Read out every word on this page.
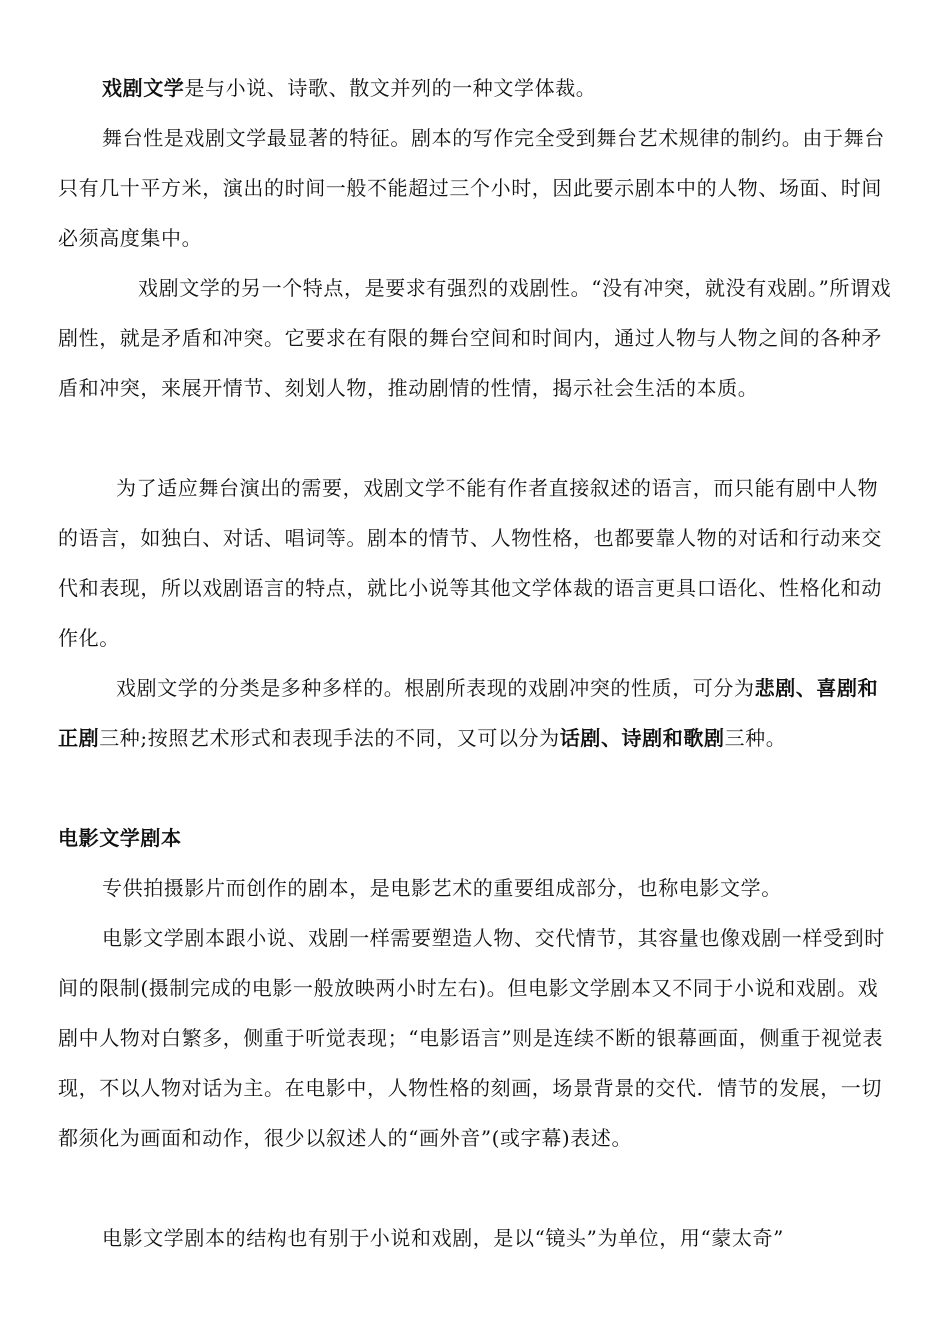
戏剧文学是与小说、诗歌、散文并列的一种文学体裁。

舞台性是戏剧文学最显著的特征。剧本的写作完全受到舞台艺术规律的制约。由于舞台只有几十平方米，演出的时间一般不能超过三个小时，因此要示剧本中的人物、场面、时间必须高度集中。

戏剧文学的另一个特点，是要求有强烈的戏剧性。“没有冲突，就没有戏剧。”所谓戏剧性，就是矛盾和冲突。它要求在有限的舞台空间和时间内，通过人物与人物之间的各种矛盾和冲突，来展开情节、刻划人物，推动剧情的性情，揭示社会生活的本质。

为了适应舞台演出的需要，戏剧文学不能有作者直接叙述的语言，而只能有剧中人物的语言，如独白、对话、唱词等。剧本的情节、人物性格，也都要靠人物的对话和行动来交代和表现，所以戏剧语言的特点，就比小说等其他文学体裁的语言更具口语化、性格化和动作化。

戏剧文学的分类是多种多样的。根剧所表现的戏剧冲突的性质，可分为悲剧、喜剧和正剧三种;按照艺术形式和表现手法的不同，又可以分为话剧、诗剧和歌剧三种。

电影文学剧本

专供拍摄影片而创作的剧本，是电影艺术的重要组成部分，也称电影文学。

电影文学剧本跟小说、戏剧一样需要塑造人物、交代情节，其容量也像戏剧一样受到时间的限制(摄制完成的电影一般放映两小时左右)。但电影文学剧本又不同于小说和戏剧。戏剧中人物对白繁多，侧重于听觉表现；“电影语言”则是连续不断的银幕画面，侧重于视觉表现，不以人物对话为主。在电影中，人物性格的刻画，场景背景的交代．情节的发展，一切都须化为画面和动作，很少以叙述人的“画外音”(或字幕)表述。

电影文学剧本的结构也有别于小说和戏剧，是以“镜头”为单位，用“蒙太奇”
